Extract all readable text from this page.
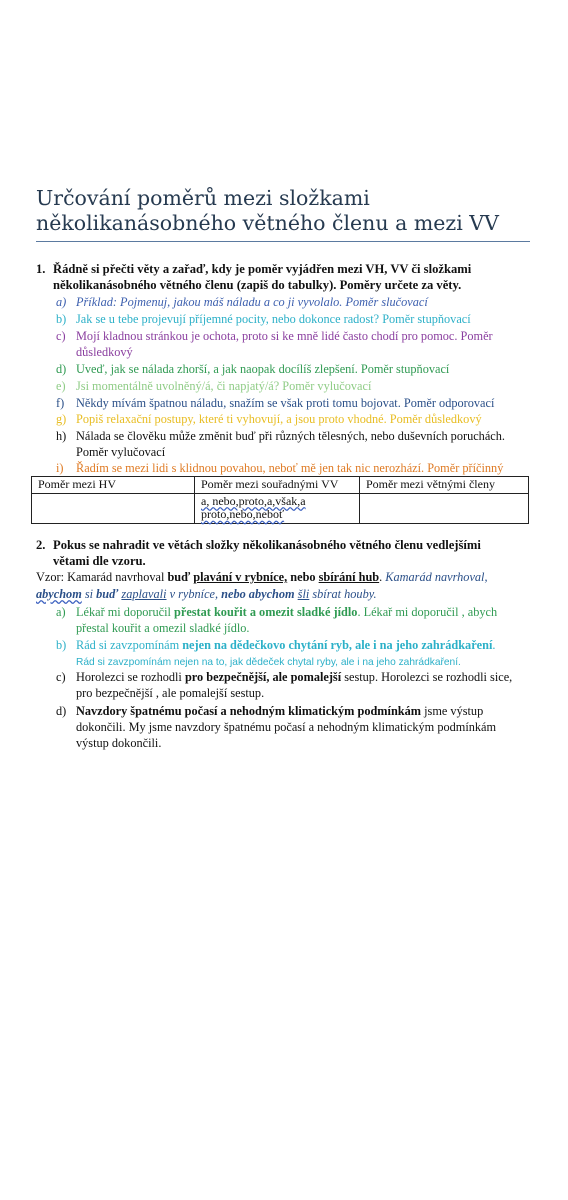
Určování poměrů mezi složkami
několikanásobného větného členu a mezi VV
1. Řádně si přečti věty a zařaď, kdy je poměr vyjádřen mezi VH, VV či složkami několikanásobného větného členu (zapiš do tabulky). Poměry určete za věty.
a) Příklad: Pojmenuj, jakou máš náladu a co ji vyvolalo. Poměr slučovací
b) Jak se u tebe projevují příjemné pocity, nebo dokonce radost? Poměr stupňovací
c) Mojí kladnou stránkou je ochota, proto si ke mně lidé často chodí pro pomoc. Poměr důsledkový
d) Uveď, jak se nálada zhorší, a jak naopak docílíš zlepšení. Poměr stupňovací
e) Jsi momentálně uvolněný/á, či napjatý/á? Poměr vylučovací
f) Někdy mívám špatnou náladu, snažím se však proti tomu bojovat. Poměr odporovací
g) Popiš relaxační postupy, které ti vyhovují, a jsou proto vhodné. Poměr důsledkový
h) Nálada se člověku může změnit buď při různých tělesných, nebo duševních poruchách. Poměr vylučovací
i) Řadím se mezi lidi s klidnou povahou, neboť mě jen tak nic nerozhází. Poměr příčinný
Poměr mezi HV	Poměr mezi souřadnými VV	Poměr mezi větnými členy
	a, nebo,proto,a,však,a proto,nebo,neboť	
2. Pokus se nahradit ve větách složky několikanásobného větného členu vedlejšími větami dle vzoru.
Vzor: Kamarád navrhoval buď plavání v rybníce, nebo sbírání hub. Kamarád navrhoval, abychom si buď zaplavali v rybníce, nebo abychom šli sbírat houby.
a) Lékař mi doporučil přestat kouřit a omezit sladké jídlo. Lékař mi doporučil , abych přestal kouřit a omezil sladké jídlo.
b) Rád si zavzpomínám nejen na dědečkovo chytání ryb, ale i na jeho zahrádkaření.
Rád si zavzpomínám nejen na to, jak dědeček chytal ryby, ale i na jeho zahrádkaření.
c) Horolezci se rozhodli pro bezpečnější, ale pomalejší sestup. Horolezci se rozhodli sice, pro bezpečnější , ale pomalejší sestup.
d) Navzdory špatnému počasí a nehodným klimatickým podmínkám jsme výstup dokončili. My jsme navzdory špatnému počasí a nehodným klimatickým podmínkám výstup dokončili.
